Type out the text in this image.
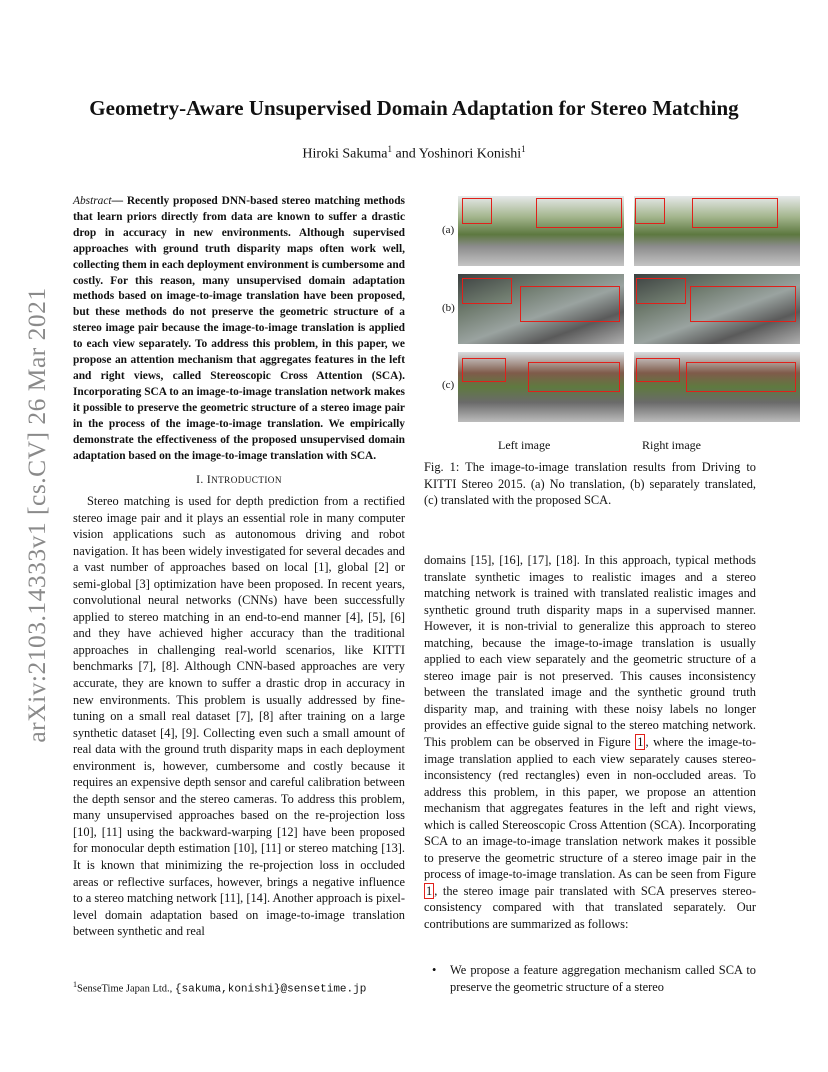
arXiv:2103.14333v1 [cs.CV] 26 Mar 2021
Geometry-Aware Unsupervised Domain Adaptation for Stereo Matching
Hiroki Sakuma$^1$ and Yoshinori Konishi$^1$
Abstract— Recently proposed DNN-based stereo matching methods that learn priors directly from data are known to suffer a drastic drop in accuracy in new environments. Although supervised approaches with ground truth disparity maps often work well, collecting them in each deployment environment is cumbersome and costly. For this reason, many unsupervised domain adaptation methods based on image-to-image translation have been proposed, but these methods do not preserve the geometric structure of a stereo image pair because the image-to-image translation is applied to each view separately. To address this problem, in this paper, we propose an attention mechanism that aggregates features in the left and right views, called Stereoscopic Cross Attention (SCA). Incorporating SCA to an image-to-image translation network makes it possible to preserve the geometric structure of a stereo image pair in the process of the image-to-image translation. We empirically demonstrate the effectiveness of the proposed unsupervised domain adaptation based on the image-to-image translation with SCA.
I. INTRODUCTION

Stereo matching is used for depth prediction from a rectified stereo image pair and it plays an essential role in many computer vision applications such as autonomous driving and robot navigation. It has been widely investigated for several decades and a vast number of approaches based on local [1], global [2] or semi-global [3] optimization have been proposed. In recent years, convolutional neural networks (CNNs) have been successfully applied to stereo matching in an end-to-end manner [4], [5], [6] and they have achieved higher accuracy than the traditional approaches in challenging real-world scenarios, like KITTI benchmarks [7], [8]. Although CNN-based approaches are very accurate, they are known to suffer a drastic drop in accuracy in new environments. This problem is usually addressed by fine-tuning on a small real dataset [7], [8] after training on a large synthetic dataset [4], [9]. Collecting even such a small amount of real data with the ground truth disparity maps in each deployment environment is, however, cumbersome and costly because it requires an expensive depth sensor and careful calibration between the depth sensor and the stereo cameras. To address this problem, many unsupervised approaches based on the re-projection loss [10], [11] using the backward-warping [12] have been proposed for monocular depth estimation [10], [11] or stereo matching [13]. It is known that minimizing the re-projection loss in occluded areas or reflective surfaces, however, brings a negative influence to a stereo matching network [11], [14]. Another approach is pixel-level domain adaptation based on image-to-image translation between synthetic and real

$^1$SenseTime Japan Ltd., {sakuma,konishi}@sensetime.jp
(a)
(b)
(c)
Left image	Right image
Fig. 1: The image-to-image translation results from Driving to KITTI Stereo 2015. (a) No translation, (b) separately translated, (c) translated with the proposed SCA.

domains [15], [16], [17], [18]. In this approach, typical methods translate synthetic images to realistic images and a stereo matching network is trained with translated realistic images and synthetic ground truth disparity maps in a supervised manner. However, it is non-trivial to generalize this approach to stereo matching, because the image-to-image translation is usually applied to each view separately and the geometric structure of a stereo image pair is not preserved. This causes inconsistency between the translated image and the synthetic ground truth disparity map, and training with these noisy labels no longer provides an effective guide signal to the stereo matching network. This problem can be observed in Figure 1 , where the image-to-image translation applied to each view separately causes stereo-inconsistency (red rectangles) even in non-occluded areas. To address this problem, in this paper, we propose an attention mechanism that aggregates features in the left and right views, which is called Stereoscopic Cross Attention (SCA). Incorporating SCA to an image-to-image translation network makes it possible to preserve the geometric structure of a stereo image pair in the process of image-to-image translation. As can be seen from Figure 1 , the stereo image pair translated with SCA preserves stereo-consistency compared with that translated separately. Our contributions are summarized as follows:

•	We propose a feature aggregation mechanism called SCA to preserve the geometric structure of a stereo
